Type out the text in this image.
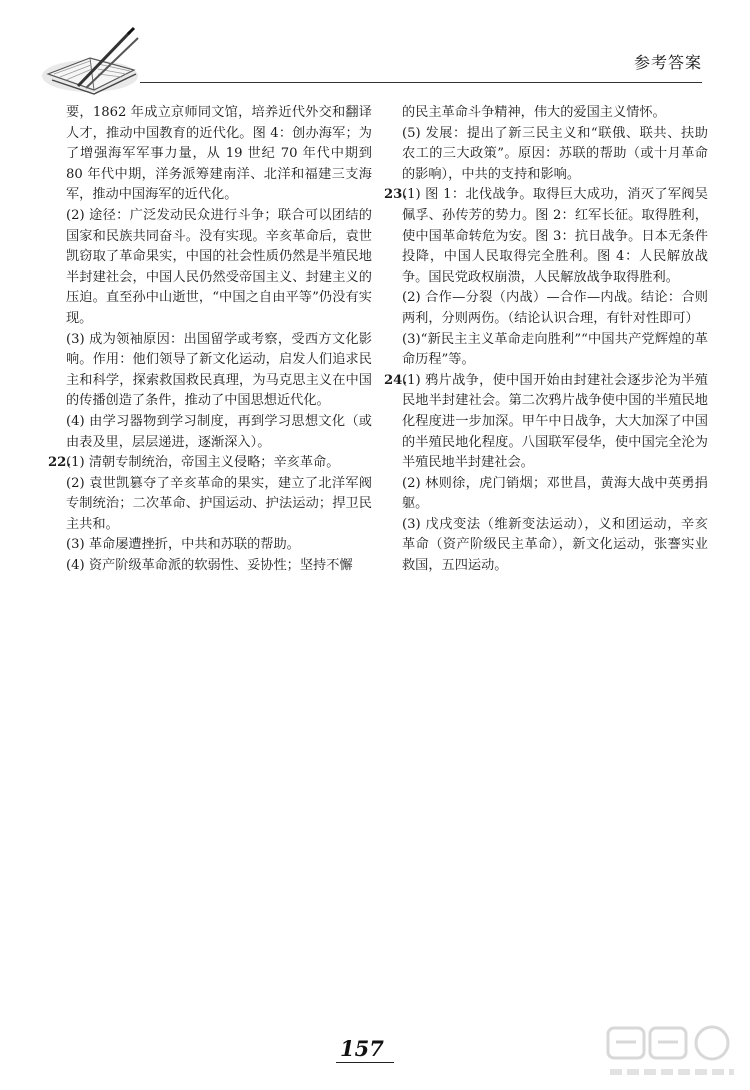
参考答案

要，1862 年成立京师同文馆，培养近代外交和翻译人才，推动中国教育的近代化。图 4：创办海军；为了增强海军军事力量，从 19 世纪 70 年代中期到 80 年代中期，洋务派筹建南洋、北洋和福建三支海军，推动中国海军的近代化。

(2) 途径：广泛发动民众进行斗争；联合可以团结的国家和民族共同奋斗。没有实现。辛亥革命后，袁世凯窃取了革命果实，中国的社会性质仍然是半殖民地半封建社会，中国人民仍然受帝国主义、封建主义的压迫。直至孙中山逝世，“中国之自由平等”仍没有实现。

(3) 成为领袖原因：出国留学或考察，受西方文化影响。作用：他们领导了新文化运动，启发人们追求民主和科学，探索救国救民真理，为马克思主义在中国的传播创造了条件，推动了中国思想近代化。

(4) 由学习器物到学习制度，再到学习思想文化（或由表及里，层层递进，逐渐深入）。

22.(1) 清朝专制统治，帝国主义侵略；辛亥革命。

(2) 袁世凯篡夺了辛亥革命的果实，建立了北洋军阀专制统治；二次革命、护国运动、护法运动；捍卫民主共和。

(3) 革命屡遭挫折，中共和苏联的帮助。

(4) 资产阶级革命派的软弱性、妥协性；坚持不懈

的民主革命斗争精神，伟大的爱国主义情怀。

(5) 发展：提出了新三民主义和“联俄、联共、扶助农工的三大政策”。原因：苏联的帮助（或十月革命的影响），中共的支持和影响。

23.(1) 图 1：北伐战争。取得巨大成功，消灭了军阀吴佩孚、孙传芳的势力。图 2：红军长征。取得胜利，使中国革命转危为安。图 3：抗日战争。日本无条件投降，中国人民取得完全胜利。图 4：人民解放战争。国民党政权崩溃，人民解放战争取得胜利。

(2) 合作—分裂（内战）—合作—内战。结论：合则两利，分则两伤。（结论认识合理，有针对性即可）

(3)“新民主主义革命走向胜利”“中国共产党辉煌的革命历程”等。

24.(1) 鸦片战争，使中国开始由封建社会逐步沦为半殖民地半封建社会。第二次鸦片战争使中国的半殖民地化程度进一步加深。甲午中日战争，大大加深了中国的半殖民地化程度。八国联军侵华，使中国完全沦为半殖民地半封建社会。

(2) 林则徐，虎门销烟；邓世昌，黄海大战中英勇捐躯。

(3) 戊戌变法（维新变法运动），义和团运动，辛亥革命（资产阶级民主革命），新文化运动，张謇实业救国，五四运动。

157
